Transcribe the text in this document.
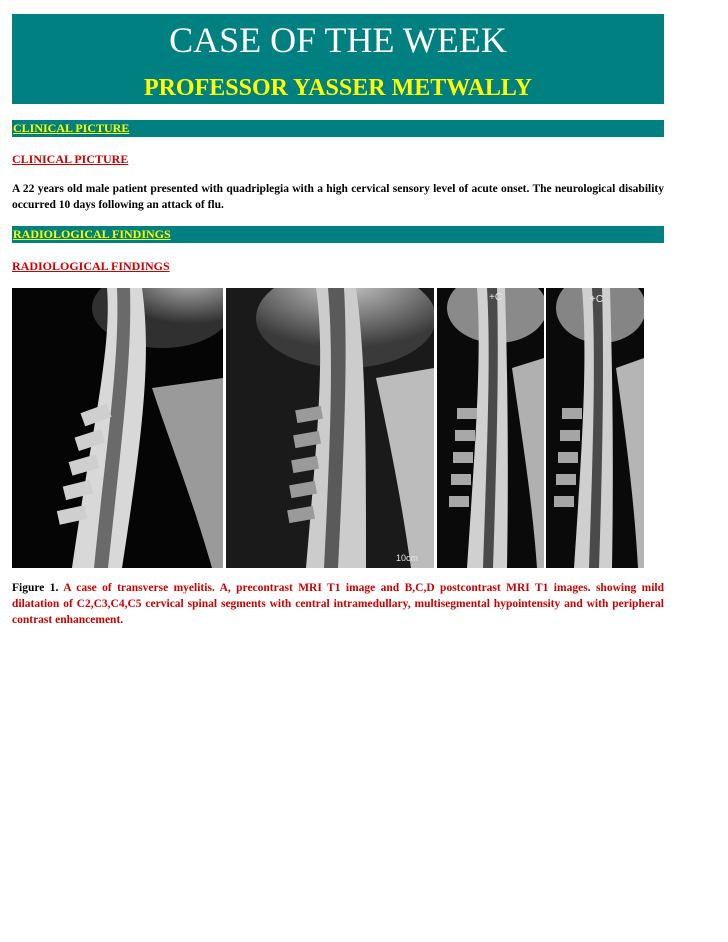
CASE OF THE WEEK
PROFESSOR YASSER METWALLY
CLINICAL PICTURE
CLINICAL PICTURE
A 22 years old male patient presented with quadriplegia with a high cervical sensory level of acute onset. The neurological disability occurred 10 days following an attack of flu.
RADIOLOGICAL FINDINGS
RADIOLOGICAL FINDINGS
10cm
+C	+C
Figure 1. A case of transverse myelitis. A, precontrast MRI T1 image and B,C,D postcontrast MRI T1 images. showing mild dilatation of C2,C3,C4,C5 cervical spinal segments with central intramedullary, multisegmental hypointensity and with peripheral contrast enhancement.
